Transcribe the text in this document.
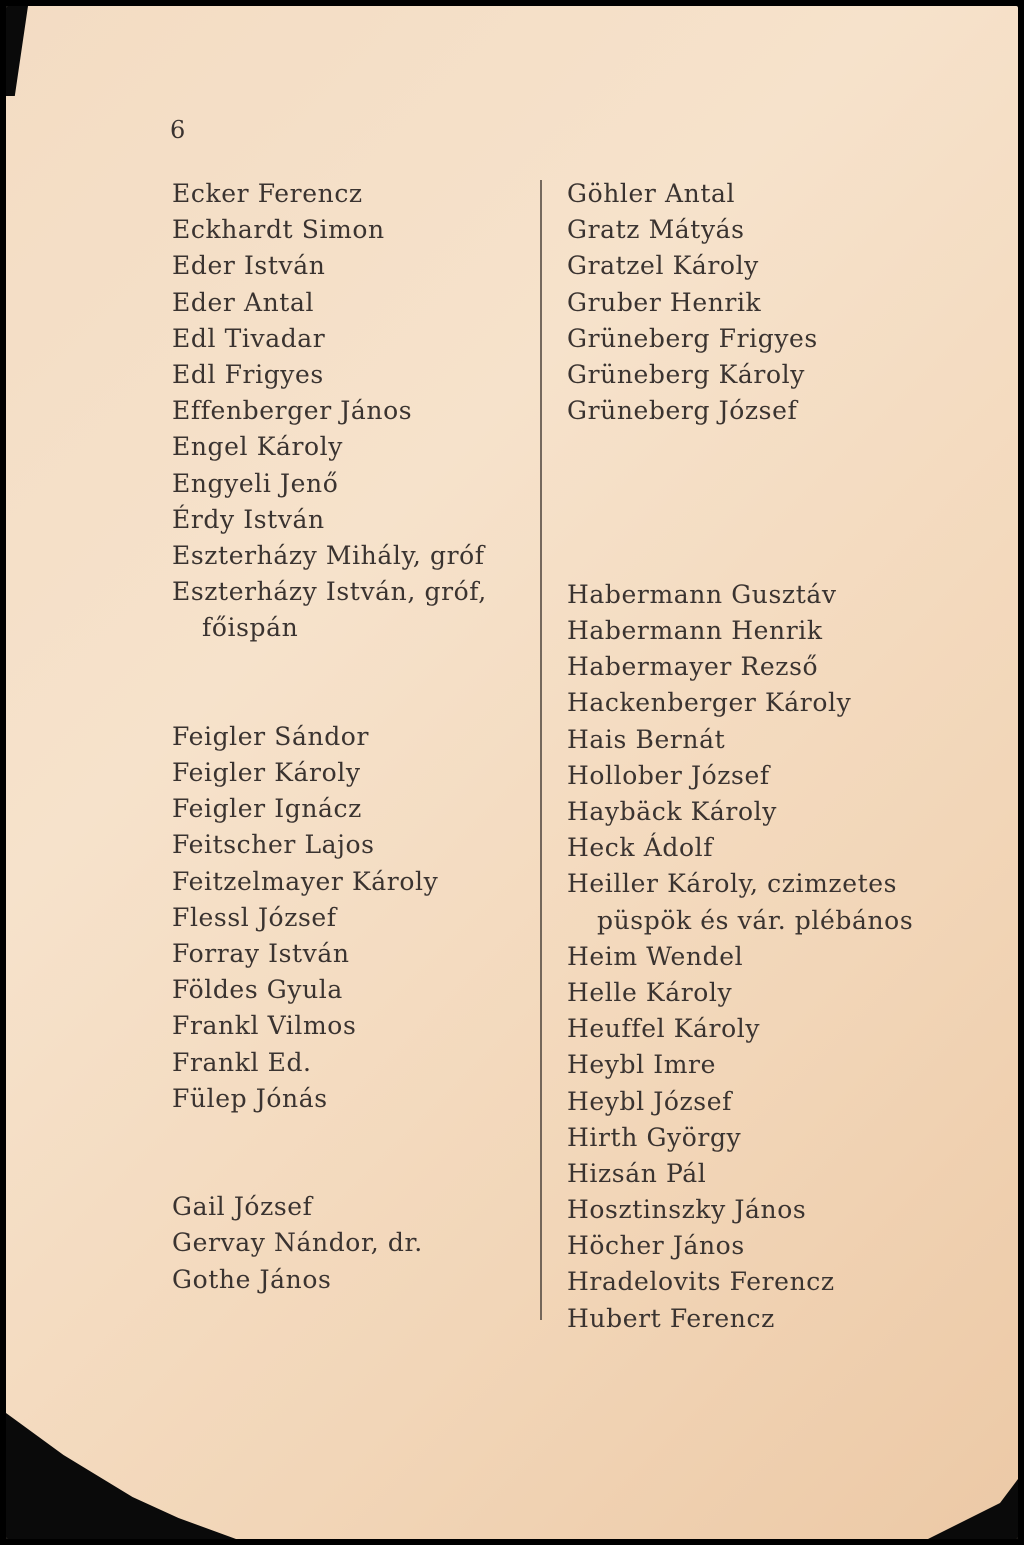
6
Ecker Ferencz
Eckhardt Simon
Eder István
Eder Antal
Edl Tivadar
Edl Frigyes
Effenberger János
Engel Károly
Engyeli Jenő
Érdy István
Eszterházy Mihály, gróf
Eszterházy István, gróf,
főispán
Feigler Sándor
Feigler Károly
Feigler Ignácz
Feitscher Lajos
Feitzelmayer Károly
Flessl József
Forray István
Földes Gyula
Frankl Vilmos
Frankl Ed.
Fülep Jónás
Gail József
Gervay Nándor, dr.
Gothe János
Göhler Antal
Gratz Mátyás
Gratzel Károly
Gruber Henrik
Grüneberg Frigyes
Grüneberg Károly
Grüneberg József
Habermann Gusztáv
Habermann Henrik
Habermayer Rezső
Hackenberger Károly
Hais Bernát
Hollober József
Haybäck Károly
Heck Ádolf
Heiller Károly, czimzetes
püspök és vár. plébános
Heim Wendel
Helle Károly
Heuffel Károly
Heybl Imre
Heybl József
Hirth György
Hizsán Pál
Hosztinszky János
Höcher János
Hradelovits Ferencz
Hubert Ferencz
